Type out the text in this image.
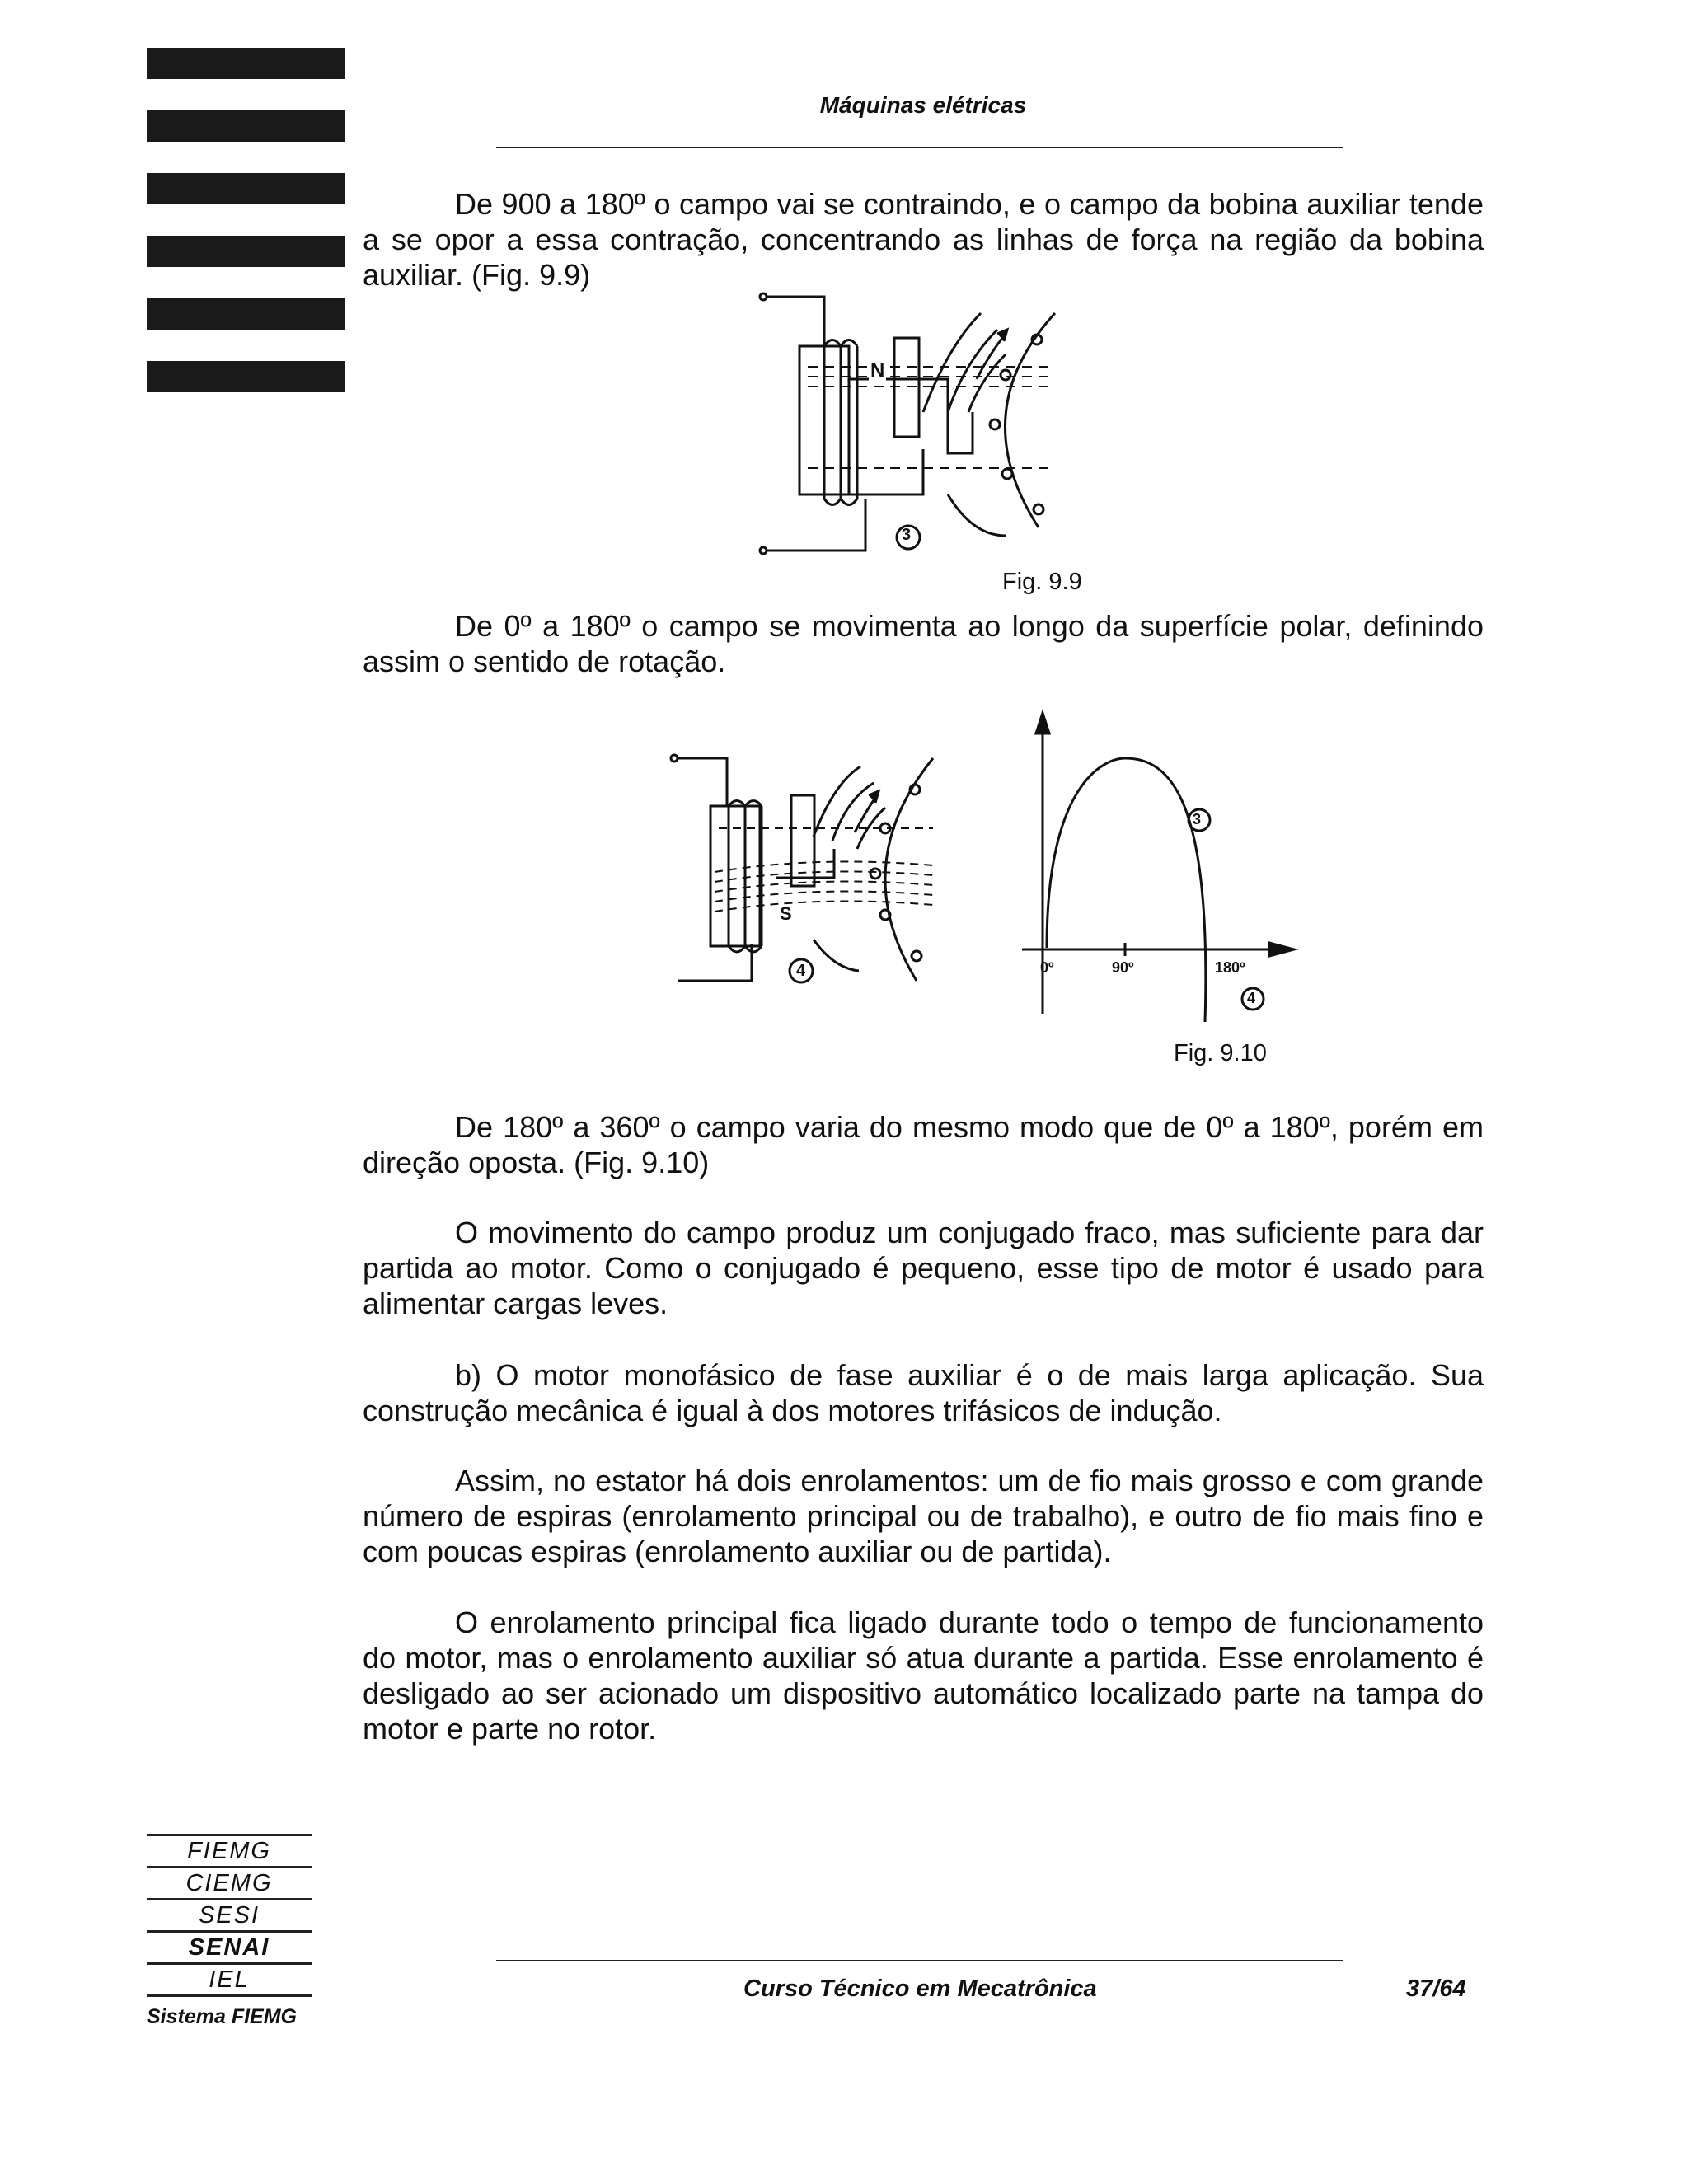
Máquinas elétricas

De 900 a 180º o campo vai se contraindo, e o campo da bobina auxiliar tende a se opor a essa contração, concentrando as linhas de força na região da bobina auxiliar. (Fig. 9.9)

N
3
Fig. 9.9

De 0º a 180º o campo se movimenta ao longo da superfície polar, definindo assim o sentido de rotação.

S
4
3
4
0º	90º	180º
Fig. 9.10

De 180º a 360º o campo varia do mesmo modo que de 0º a 180º, porém em direção oposta. (Fig. 9.10)

O movimento do campo produz um conjugado fraco, mas suficiente para dar partida ao motor. Como o conjugado é pequeno, esse tipo de motor é usado para alimentar cargas leves.

b) O motor monofásico de fase auxiliar é o de mais larga aplicação. Sua construção mecânica é igual à dos motores trifásicos de indução.

Assim, no estator há dois enrolamentos: um de fio mais grosso e com grande número de espiras (enrolamento principal ou de trabalho), e outro de fio mais fino e com poucas espiras (enrolamento auxiliar ou de partida).

O enrolamento principal fica ligado durante todo o tempo de funcionamento do motor, mas o enrolamento auxiliar só atua durante a partida. Esse enrolamento é desligado ao ser acionado um dispositivo automático localizado parte na tampa do motor e parte no rotor.

FIEMG
CIEMG
SESI
SENAI
IEL
Sistema FIEMG
Curso Técnico em Mecatrônica	37/64
